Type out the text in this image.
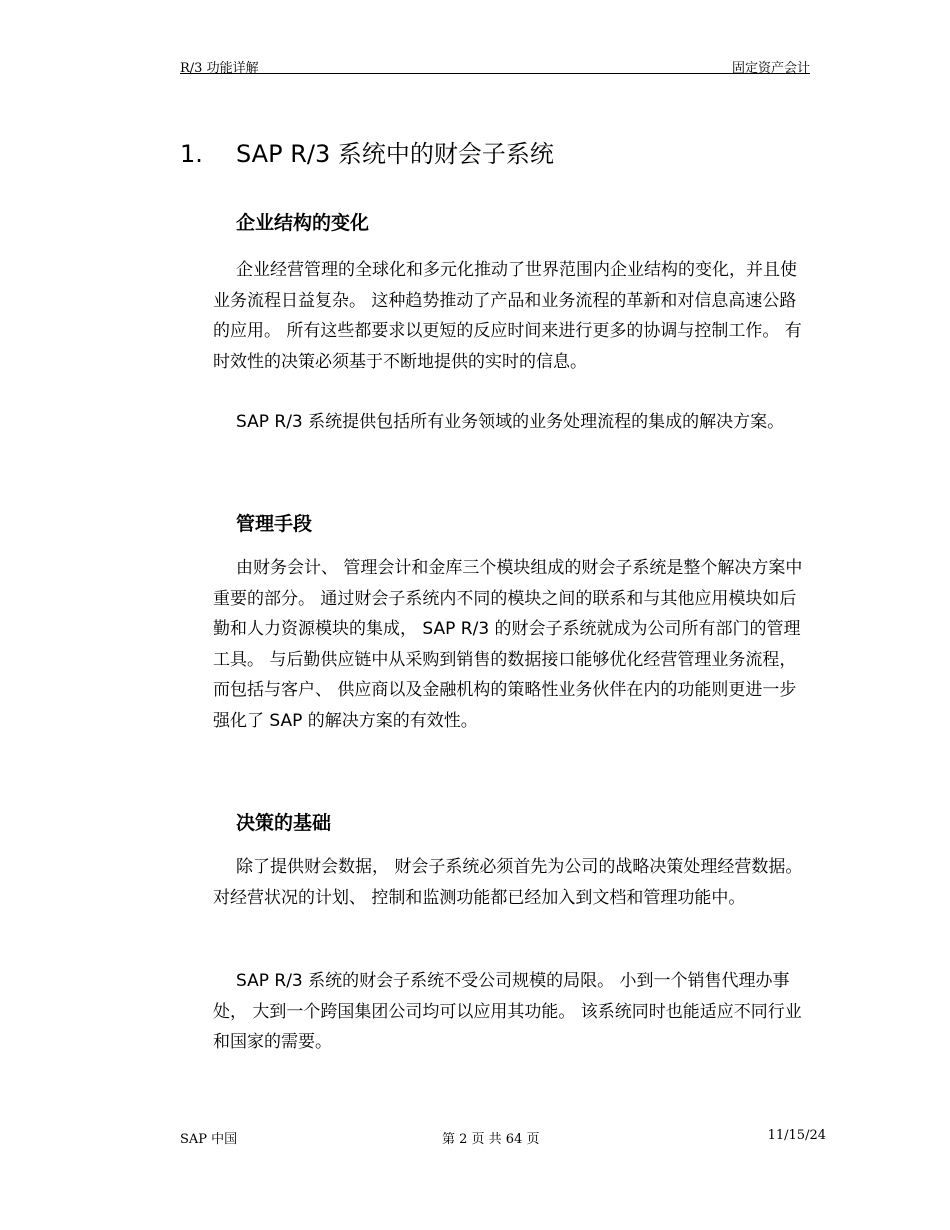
R/3 功能详解	固定资产会计
1. SAP R/3 系统中的财会子系统
企业结构的变化
企业经营管理的全球化和多元化推动了世界范围内企业结构的变化，并且使业务流程日益复杂。 这种趋势推动了产品和业务流程的革新和对信息高速公路的应用。 所有这些都要求以更短的反应时间来进行更多的协调与控制工作。 有时效性的决策必须基于不断地提供的实时的信息。
SAP R/3 系统提供包括所有业务领域的业务处理流程的集成的解决方案。
管理手段
由财务会计、 管理会计和金库三个模块组成的财会子系统是整个解决方案中重要的部分。 通过财会子系统内不同的模块之间的联系和与其他应用模块如后勤和人力资源模块的集成， SAP R/3 的财会子系统就成为公司所有部门的管理工具。 与后勤供应链中从采购到销售的数据接口能够优化经营管理业务流程， 而包括与客户、 供应商以及金融机构的策略性业务伙伴在内的功能则更进一步强化了 SAP 的解决方案的有效性。
决策的基础
除了提供财会数据， 财会子系统必须首先为公司的战略决策处理经营数据。 对经营状况的计划、 控制和监测功能都已经加入到文档和管理功能中。
SAP R/3 系统的财会子系统不受公司规模的局限。 小到一个销售代理办事处， 大到一个跨国集团公司均可以应用其功能。 该系统同时也能适应不同行业和国家的需要。
SAP 中国	第 2 页 共 64 页	11/15/24
